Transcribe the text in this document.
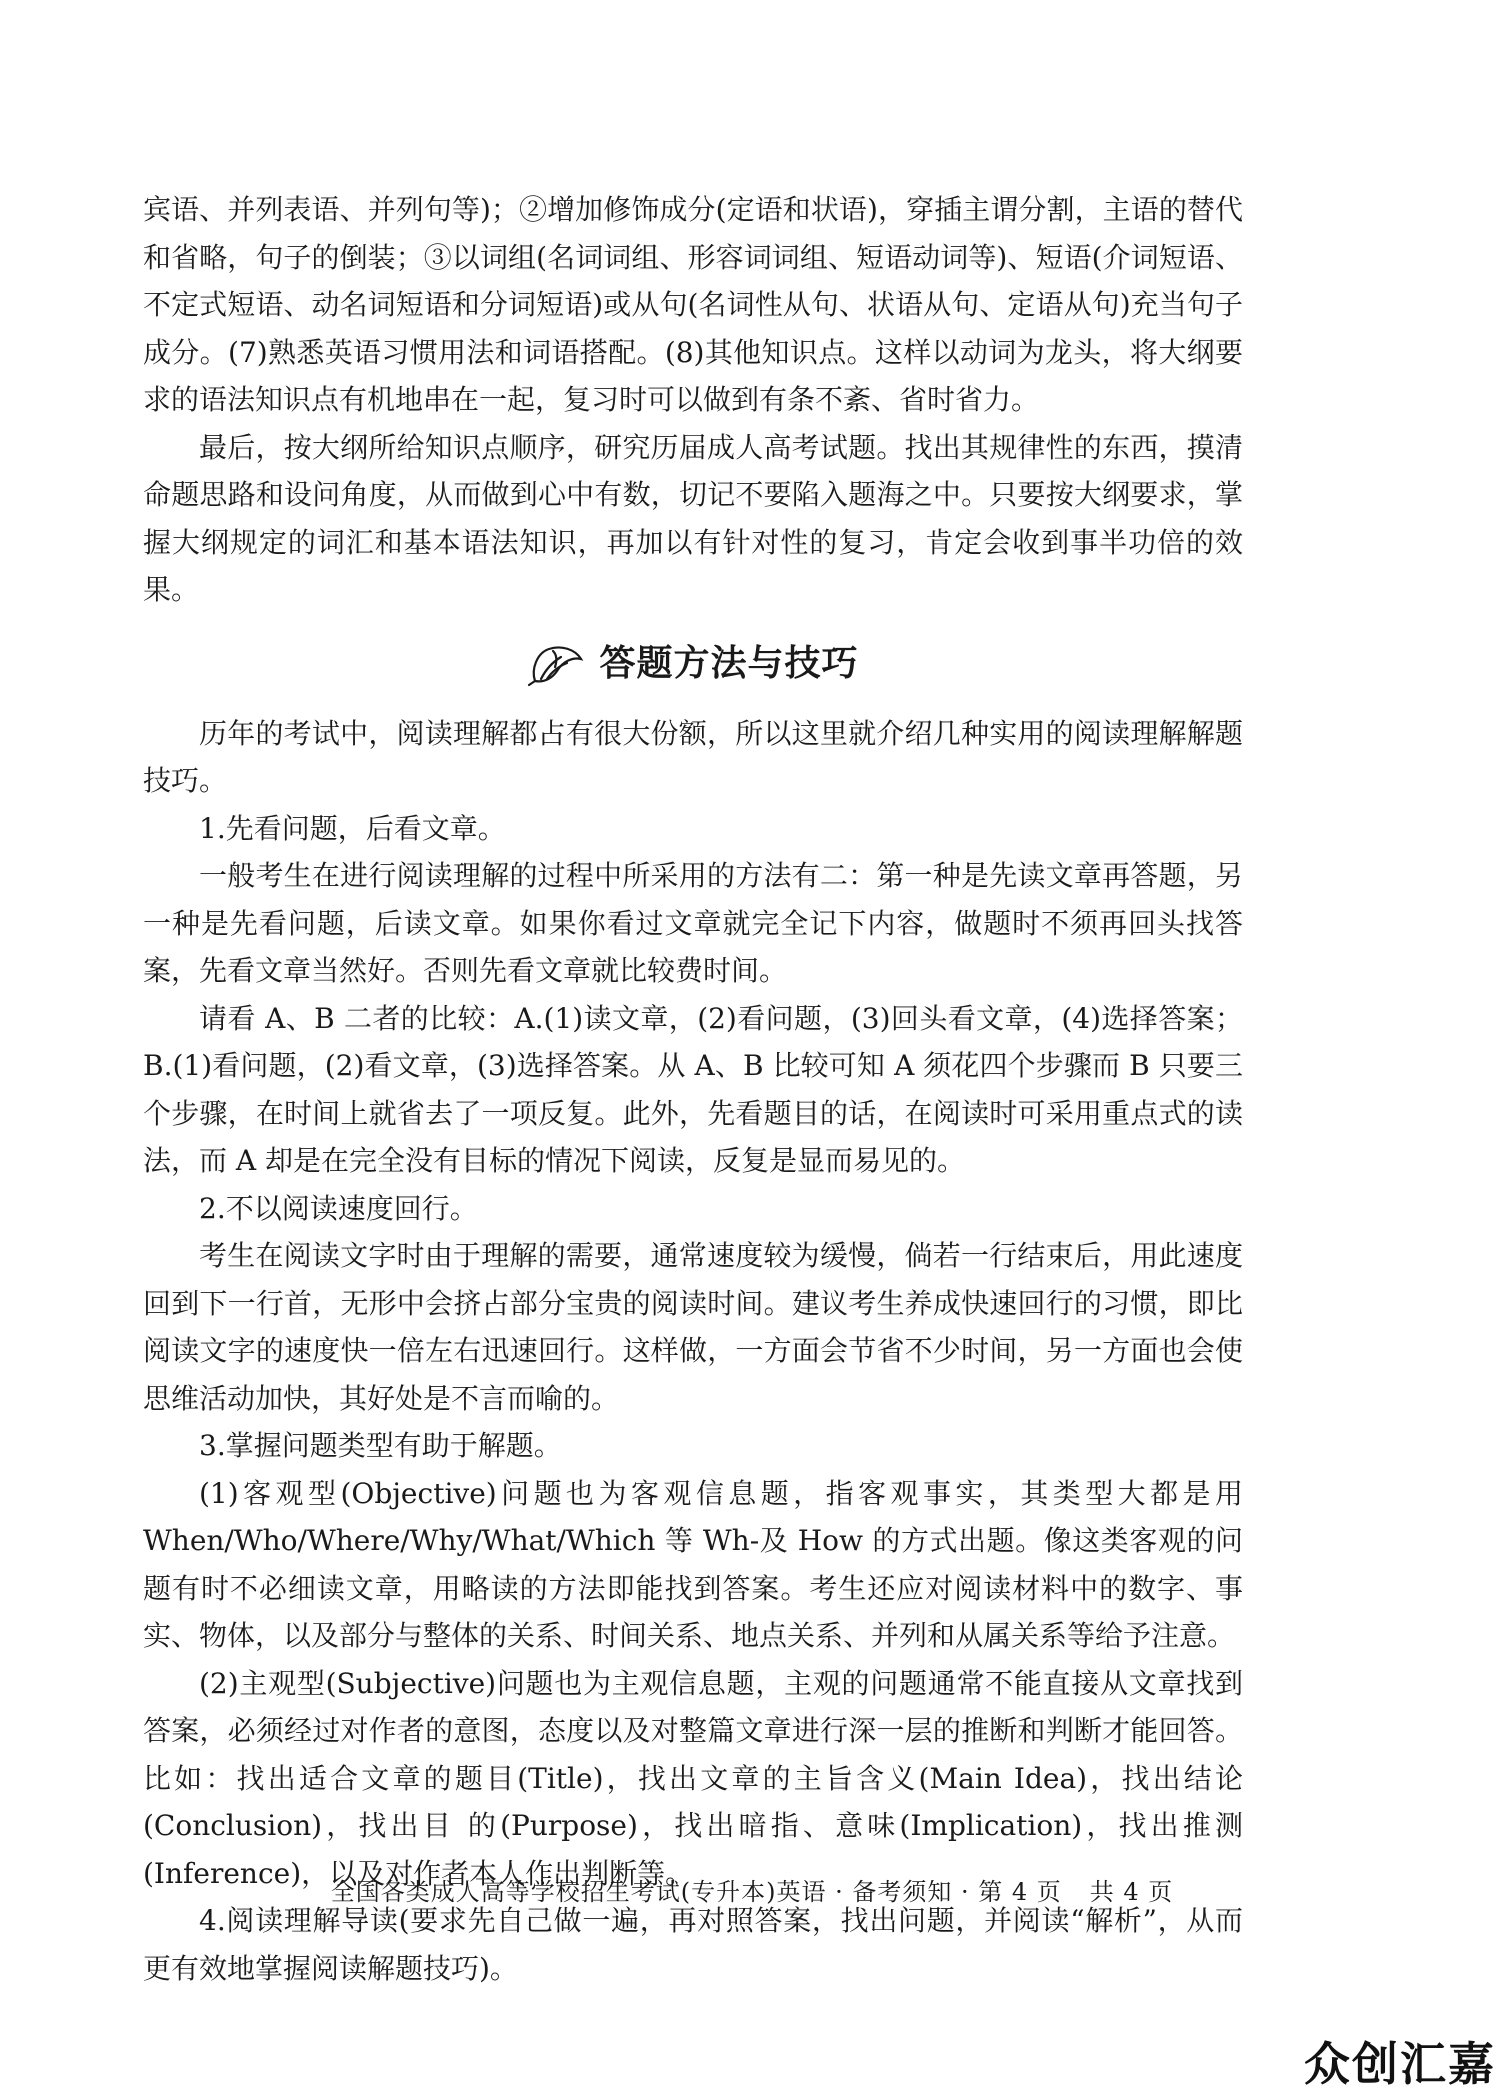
宾语、并列表语、并列句等)；②增加修饰成分(定语和状语)，穿插主谓分割，主语的替代和省略，句子的倒装；③以词组(名词词组、形容词词组、短语动词等)、短语(介词短语、不定式短语、动名词短语和分词短语)或从句(名词性从句、状语从句、定语从句)充当句子成分。(7)熟悉英语习惯用法和词语搭配。(8)其他知识点。这样以动词为龙头，将大纲要求的语法知识点有机地串在一起，复习时可以做到有条不紊、省时省力。

最后，按大纲所给知识点顺序，研究历届成人高考试题。找出其规律性的东西，摸清命题思路和设问角度，从而做到心中有数，切记不要陷入题海之中。只要按大纲要求，掌握大纲规定的词汇和基本语法知识，再加以有针对性的复习，肯定会收到事半功倍的效果。

答题方法与技巧

历年的考试中，阅读理解都占有很大份额，所以这里就介绍几种实用的阅读理解解题技巧。

1.先看问题，后看文章。

一般考生在进行阅读理解的过程中所采用的方法有二：第一种是先读文章再答题，另一种是先看问题，后读文章。如果你看过文章就完全记下内容，做题时不须再回头找答案，先看文章当然好。否则先看文章就比较费时间。

请看 A、B 二者的比较：A.(1)读文章，(2)看问题，(3)回头看文章，(4)选择答案；B.(1)看问题，(2)看文章，(3)选择答案。从 A、B 比较可知 A 须花四个步骤而 B 只要三个步骤，在时间上就省去了一项反复。此外，先看题目的话，在阅读时可采用重点式的读法，而 A 却是在完全没有目标的情况下阅读，反复是显而易见的。

2.不以阅读速度回行。

考生在阅读文字时由于理解的需要，通常速度较为缓慢，倘若一行结束后，用此速度回到下一行首，无形中会挤占部分宝贵的阅读时间。建议考生养成快速回行的习惯，即比阅读文字的速度快一倍左右迅速回行。这样做，一方面会节省不少时间，另一方面也会使思维活动加快，其好处是不言而喻的。

3.掌握问题类型有助于解题。

(1)客观型(Objective)问题也为客观信息题，指客观事实，其类型大都是用 When/Who/Where/Why/What/Which 等 Wh-及 How 的方式出题。像这类客观的问题有时不必细读文章，用略读的方法即能找到答案。考生还应对阅读材料中的数字、事实、物体，以及部分与整体的关系、时间关系、地点关系、并列和从属关系等给予注意。

(2)主观型(Subjective)问题也为主观信息题，主观的问题通常不能直接从文章找到答案，必须经过对作者的意图，态度以及对整篇文章进行深一层的推断和判断才能回答。比如：找出适合文章的题目(Title)，找出文章的主旨含义(Main Idea)，找出结论(Conclusion)，找出目 的(Purpose)，找出暗指、意味(Implication)，找出推测(Inference)，以及对作者本人作出判断等。

4.阅读理解导读(要求先自己做一遍，再对照答案，找出问题，并阅读“解析”，从而更有效地掌握阅读解题技巧)。

全国各类成人高等学校招生考试(专升本)英语 · 备考须知 · 第 4 页 共 4 页
众创汇嘉
